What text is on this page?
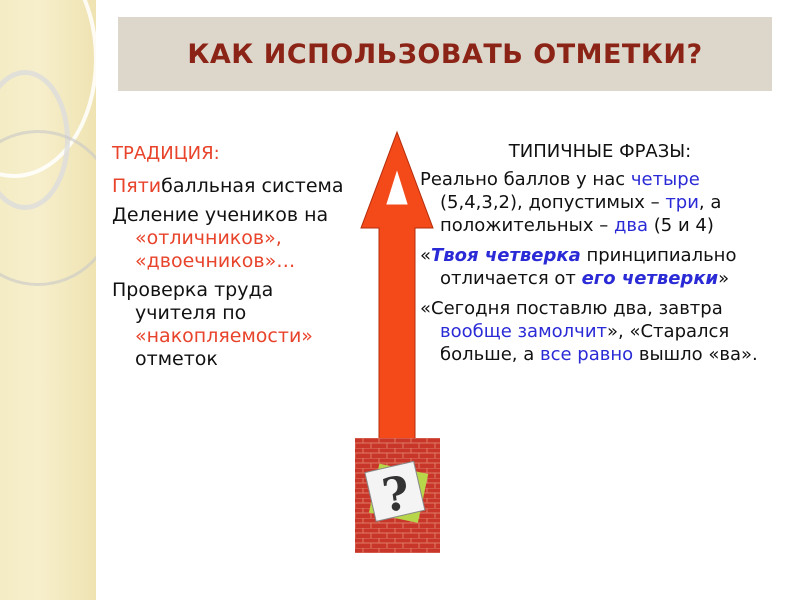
КАК ИСПОЛЬЗОВАТЬ ОТМЕТКИ?
ТРАДИЦИЯ:

Пятибалльная система

Деление учеников на «отличников», «двоечников»…

Проверка труда учителя по «накопляемости» отметок

?
ТИПИЧНЫЕ ФРАЗЫ:

Реально баллов у нас четыре (5,4,3,2), допустимых – три, а положительных – два (5 и 4)

«Твоя четверка принципиально отличается от его четверки»

«Сегодня поставлю два, завтра вообще замолчит», «Старался больше, а все равно вышло «ва».
